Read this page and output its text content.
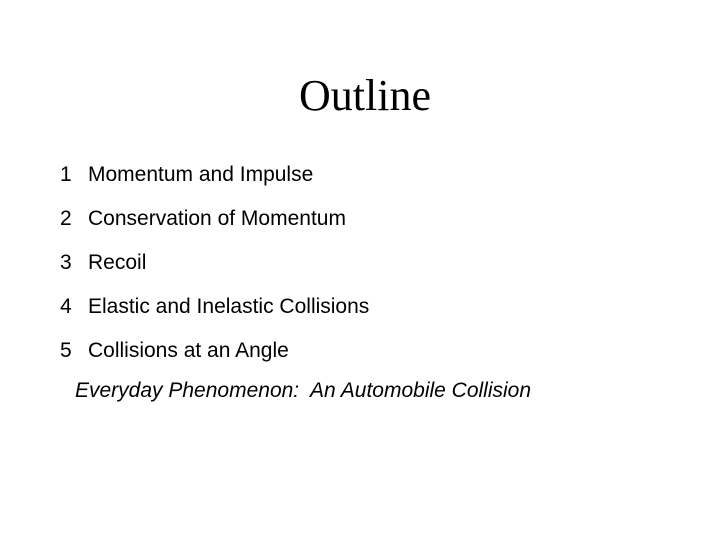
Outline
1 Momentum and Impulse
2 Conservation of Momentum
3 Recoil
4 Elastic and Inelastic Collisions
5 Collisions at an Angle
Everyday Phenomenon:  An Automobile Collision
